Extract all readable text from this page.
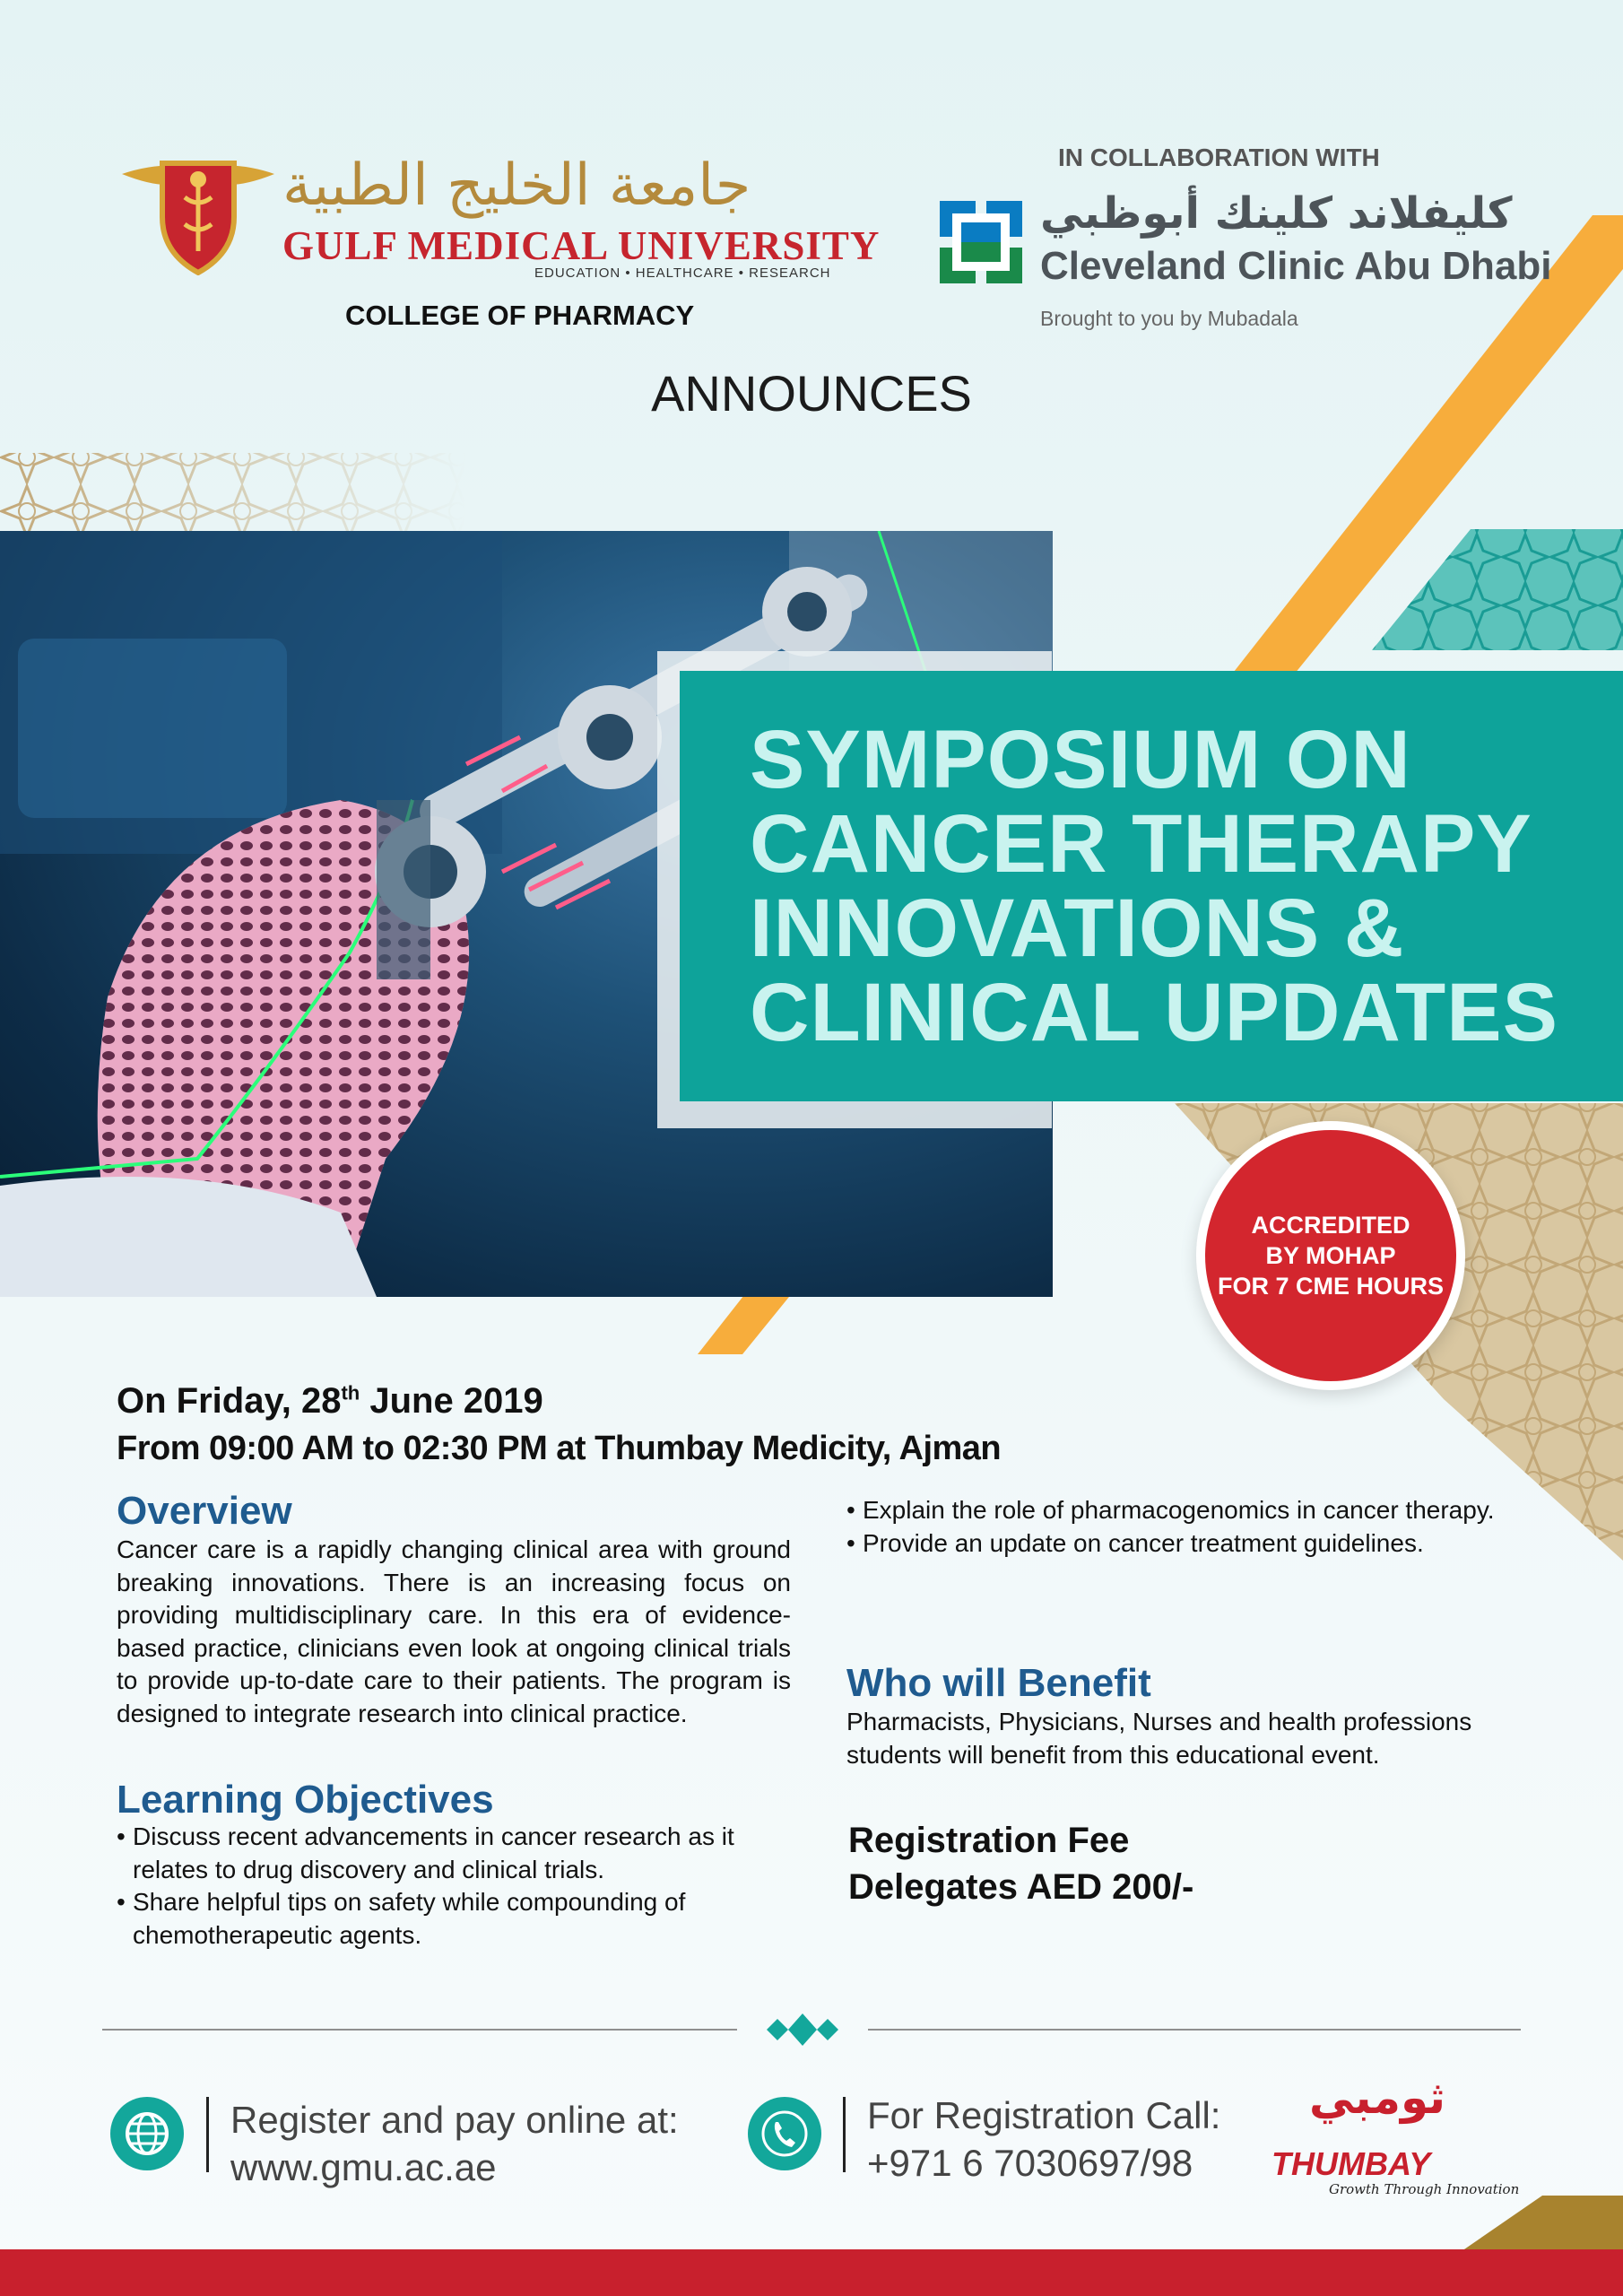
جامعة الخليج الطبية
GULF MEDICAL UNIVERSITY
EDUCATION • HEALTHCARE • RESEARCH
COLLEGE OF PHARMACY
IN COLLABORATION WITH
كليفلاند كلينك أبوظبي
Cleveland Clinic Abu Dhabi
Brought to you by Mubadala
ANNOUNCES
SYMPOSIUM ON CANCER THERAPY INNOVATIONS & CLINICAL UPDATES
ACCREDITED
BY MOHAP
FOR 7 CME HOURS
On Friday, 28th June 2019
From 09:00 AM to 02:30 PM at Thumbay Medicity, Ajman
Overview
Cancer care is a rapidly changing clinical area with ground breaking innovations. There is an increasing focus on providing multidisciplinary care. In this era of evidence-based practice, clinicians even look at ongoing clinical trials to provide up-to-date care to their patients. The program is designed to integrate research into clinical practice.
Learning Objectives
• Discuss recent advancements in cancer research as it relates to drug discovery and clinical trials.
• Share helpful tips on safety while compounding of chemotherapeutic agents.
• Explain the role of pharmacogenomics in cancer therapy.
• Provide an update on cancer treatment guidelines.
Who will Benefit
Pharmacists, Physicians, Nurses and health professions students will benefit from this educational event.
Registration Fee
Delegates AED 200/-
Register and pay online at:
www.gmu.ac.ae
For Registration Call:
+971 6 7030697/98
ثومبي
THUMBAY
Growth Through Innovation
